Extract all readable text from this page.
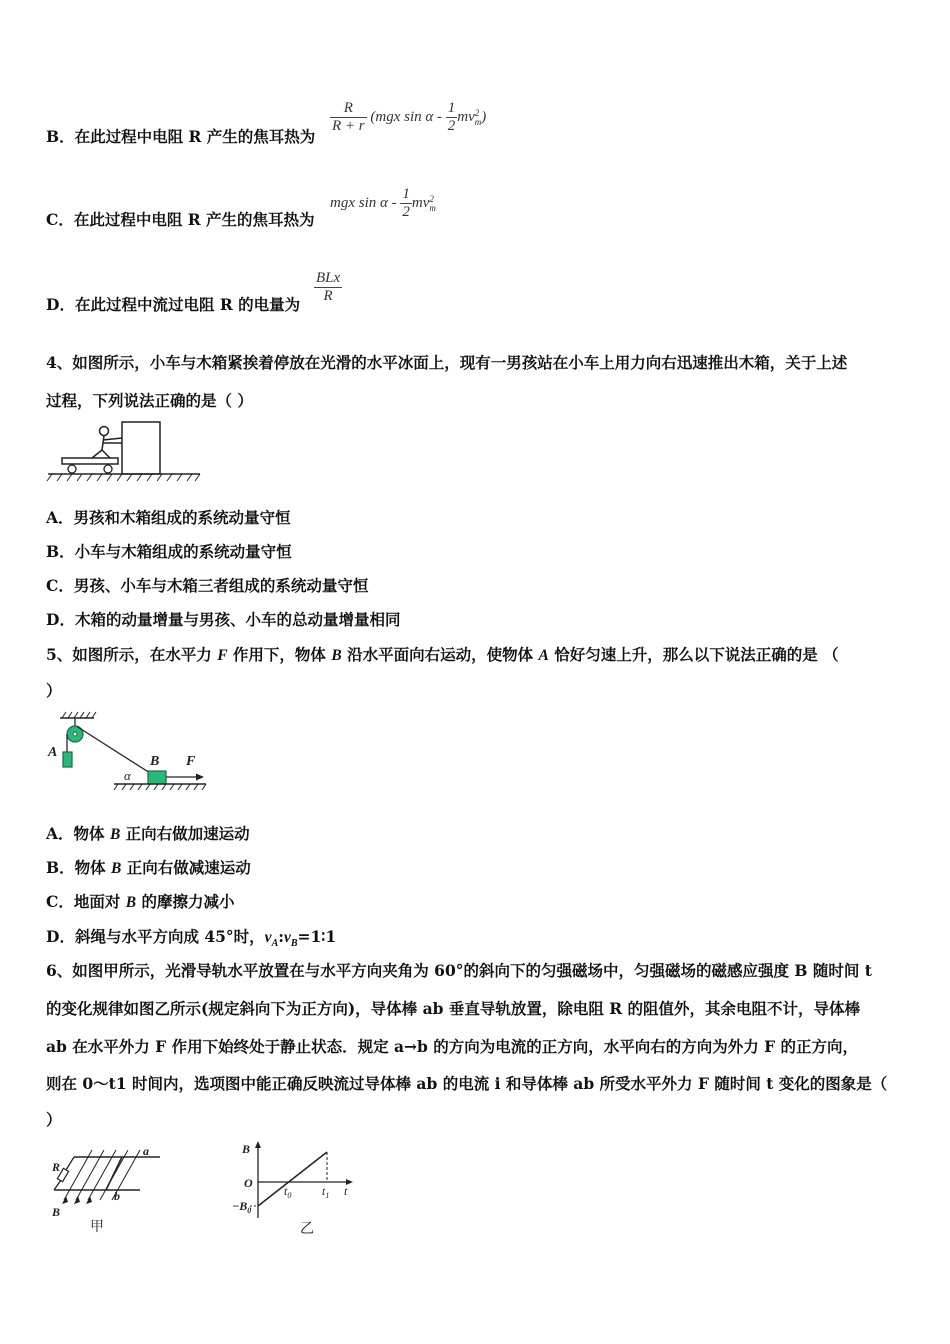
B．在此过程中电阻 R 产生的焦耳热为
$\frac{R}{R + r} (mgx$ sin α - $\frac{1}{2}$ mv 2
m )
C．在此过程中电阻 R 产生的焦耳热为
mgx sin α - $\frac{1}{2}$ mv 2
m
D．在此过程中流过电阻 R 的电量为 $\frac{\text{BLx}}{R}$
4、如图所示，小车与木箱紧挨着停放在光滑的水平冰面上，现有一男孩站在小车上用力向右迅速推出木箱，关于上述
过程，下列说法正确的是（ ）
A．男孩和木箱组成的系统动量守恒
B．小车与木箱组成的系统动量守恒
C．男孩、小车与木箱三者组成的系统动量守恒
D．木箱的动量增量与男孩、小车的总动量增量相同
5、如图所示，在水平力 F 作用下，物体 B 沿水平面向右运动，使物体 A 恰好匀速上升，那么以下说法正确的是 （
）
A
B F
α
A．物体 B 正向右做加速运动
B．物体 B 正向右做减速运动
C．地面对 B 的摩擦力减小
D．斜绳与水平方向成 45°时，$v_A:v_B=1∶1$
6、如图甲所示，光滑导轨水平放置在与水平方向夹角为 60°的斜向下的匀强磁场中，匀强磁场的磁感应强度 B 随时间 t
的变化规律如图乙所示(规定斜向下为正方向)，导体棒 ab 垂直导轨放置，除电阻 R 的阻值外，其余电阻不计，导体棒
ab 在水平外力 F 作用下始终处于静止状态．规定 a→b 的方向为电流的正方向，水平向右的方向为外力 F 的正方向，
则在 0～t1 时间内，选项图中能正确反映流过导体棒 ab 的电流 i 和导体棒 ab 所受水平外力 F 随时间 t 变化的图象是（
）
R
a
b
B
甲
B
O
$-B_0$
$t_0$	$t_1$ t
乙
